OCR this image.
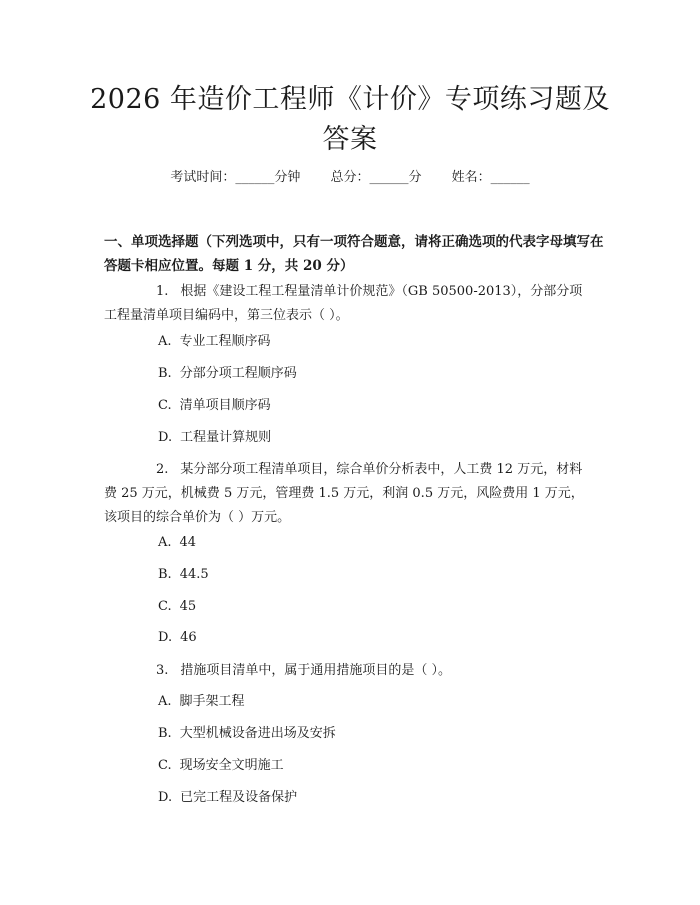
2026 年造价工程师《计价》专项练习题及答案
考试时间：______分钟 总分：______分 姓名：______
一、单项选择题（下列选项中，只有一项符合题意，请将正确选项的代表字母填写在答题卡相应位置。每题 1 分，共 20 分）
1. 根据《建设工程工程量清单计价规范》（GB 50500-2013），分部分项工程量清单项目编码中，第三位表示（ ）。
A. 专业工程顺序码
B. 分部分项工程顺序码
C. 清单项目顺序码
D. 工程量计算规则
2. 某分部分项工程清单项目，综合单价分析表中，人工费 12 万元，材料费 25 万元，机械费 5 万元，管理费 1.5 万元，利润 0.5 万元，风险费用 1 万元，该项目的综合单价为（ ）万元。
A. 44
B. 44.5
C. 45
D. 46
3. 措施项目清单中，属于通用措施项目的是（ ）。
A. 脚手架工程
B. 大型机械设备进出场及安拆
C. 现场安全文明施工
D. 已完工程及设备保护
